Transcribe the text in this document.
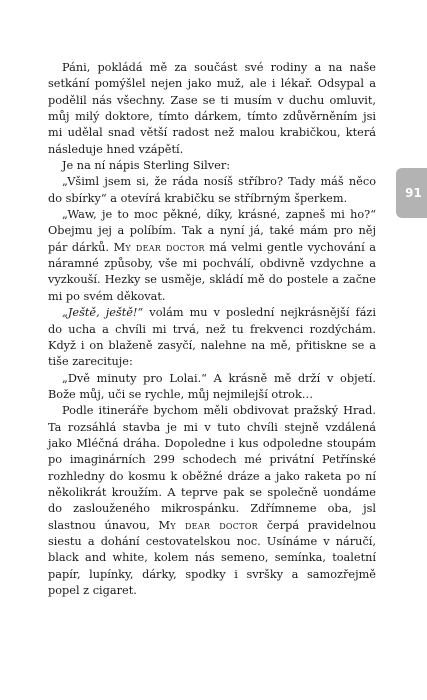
Páni, pokládá mě za součást své rodiny a na naše setkání pomýšlel nejen jako muž, ale i lékař. Odsypal a podělil nás všechny. Zase se ti musím v duchu omluvit, můj milý doktore, tímto dárkem, tímto zdůvěrněním jsi mi udělal snad větší radost než malou krabičkou, která následuje hned vzápětí.

Je na ní nápis Sterling Silver:

„Všiml jsem si, že ráda nosíš stříbro? Tady máš něco do sbírky“ a otevírá krabičku se stříbrným šperkem.

„Waw, je to moc pěkné, díky, krásné, zapneš mi ho?“ Obejmu jej a políbím. Tak a nyní já, také mám pro něj pár dárků. My dear doctor má velmi gentle vychování a náramné způsoby, vše mi pochválí, obdivně vzdychne a vyzkouší. Hezky se usměje, skládí mě do postele a začne mi po svém děkovat.

„Ještě, ještě!“ volám mu v poslední nejkrásnější fázi do ucha a chvíli mi trvá, než tu frekvenci rozdýchám. Když i on blaženě zasyčí, nalehne na mě, přitiskne se a tiše zarecituje:

„Dvě minuty pro Lolai.“ A krásně mě drží v objetí. Bože můj, uči se rychle, můj nejmilejší otrok…

Podle itineráře bychom měli obdivovat pražský Hrad. Ta rozsáhlá stavba je mi v tuto chvíli stejně vzdálená jako Mléčná dráha. Dopoledne i kus odpoledne stoupám po imaginárních 299 schodech mé privátní Petřínské rozhledny do kosmu k oběžné dráze a jako raketa po ní několikrát kroužím. A teprve pak se společně uondáme do zaslouženého mikrospánku. Zdřímneme oba, jsl slastnou únavou, My dear doctor čerpá pravidelnou siestu a dohání cestovatelskou noc. Usínáme v náručí, black and white, kolem nás semeno, semínka, toaletní papír, lupínky, dárky, spodky i svršky a samozřejmě popel z cigaret.

91
